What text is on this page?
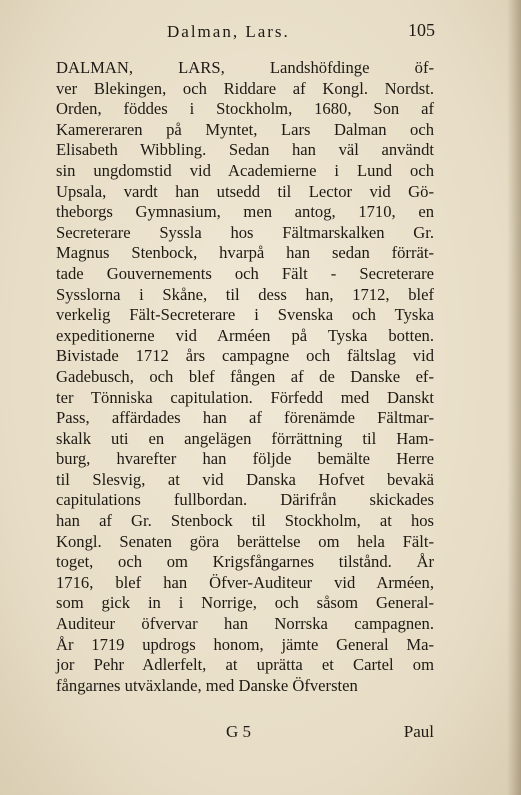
Dalman, Lars.	105
DALMAN, LARS, Landshöfdinge öf-
ver Blekingen, och Riddare af Kongl. Nordst.
Orden, föddes i Stockholm, 1680, Son af
Kamereraren på Myntet, Lars Dalman och
Elisabeth Wibbling. Sedan han väl användt
sin ungdomstid vid Academierne i Lund och
Upsala, vardt han utsedd til Lector vid Gö-
theborgs Gymnasium, men antog, 1710, en
Secreterare Syssla hos Fältmarskalken Gr.
Magnus Stenbock, hvarpå han sedan förrät-
tade Gouvernements och Fält - Secreterare
Sysslorna i Skåne, til dess han, 1712, blef
verkelig Fält-Secreterare i Svenska och Tyska
expeditionerne vid Arméen på Tyska botten.
Bivistade 1712 års campagne och fältslag vid
Gadebusch, och blef fången af de Danske ef-
ter Tönniska capitulation. Förfedd med Danskt
Pass, affärdades han af förenämde Fältmar-
skalk uti en angelägen förrättning til Ham-
burg, hvarefter han följde bemälte Herre
til Slesvig, at vid Danska Hofvet bevakä
capitulations fullbordan. Därifrån skickades
han af Gr. Stenbock til Stockholm, at hos
Kongl. Senaten göra berättelse om hela Fält-
toget, och om Krigsfångarnes tilstånd. År
1716, blef han Öfver-Auditeur vid Arméen,
som gick in i Norrige, och såsom General-
Auditeur öfvervar han Norrska campagnen.
År 1719 updrogs honom, jämte General Ma-
jor Pehr Adlerfelt, at uprätta et Cartel om
fångarnes utväxlande, med Danske Öfversten
G 5	Paul
